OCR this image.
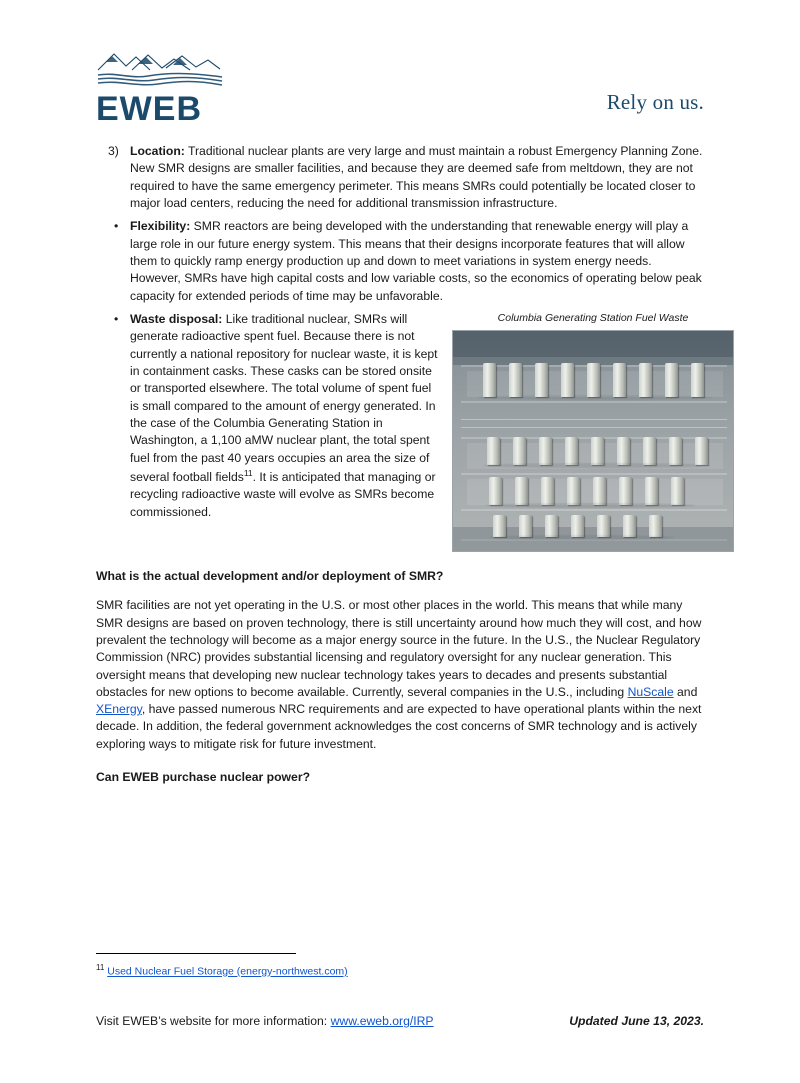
EWEB	Rely on us.
3) Location: Traditional nuclear plants are very large and must maintain a robust Emergency Planning Zone. New SMR designs are smaller facilities, and because they are deemed safe from meltdown, they are not required to have the same emergency perimeter. This means SMRs could potentially be located closer to major load centers, reducing the need for additional transmission infrastructure.
• Flexibility: SMR reactors are being developed with the understanding that renewable energy will play a large role in our future energy system. This means that their designs incorporate features that will allow them to quickly ramp energy production up and down to meet variations in system energy needs. However, SMRs have high capital costs and low variable costs, so the economics of operating below peak capacity for extended periods of time may be unfavorable.
• Waste disposal: Like traditional nuclear, SMRs will generate radioactive spent fuel. Because there is not currently a national repository for nuclear waste, it is kept in containment casks. These casks can be stored onsite or transported elsewhere. The total volume of spent fuel is small compared to the amount of energy generated. In the case of the Columbia Generating Station in Washington, a 1,100 aMW nuclear plant, the total spent fuel from the past 40 years occupies an area the size of several football fields$^{11}$. It is anticipated that managing or recycling radioactive waste will evolve as SMRs become commissioned.
Columbia Generating Station Fuel Waste
What is the actual development and/or deployment of SMR?

SMR facilities are not yet operating in the U.S. or most other places in the world. This means that while many SMR designs are based on proven technology, there is still uncertainty around how much they will cost, and how prevalent the technology will become as a major energy source in the future. In the U.S., the Nuclear Regulatory Commission (NRC) provides substantial licensing and regulatory oversight for any nuclear generation. This oversight means that developing new nuclear technology takes years to decades and presents substantial obstacles for new options to become available. Currently, several companies in the U.S., including NuScale and XEnergy, have passed numerous NRC requirements and are expected to have operational plants within the next decade. In addition, the federal government acknowledges the cost concerns of SMR technology and is actively exploring ways to mitigate risk for future investment.

Can EWEB purchase nuclear power?
$^{11}$ Used Nuclear Fuel Storage (energy-northwest.com)
Visit EWEB’s website for more information: www.eweb.org/IRP	Updated June 13, 2023.
